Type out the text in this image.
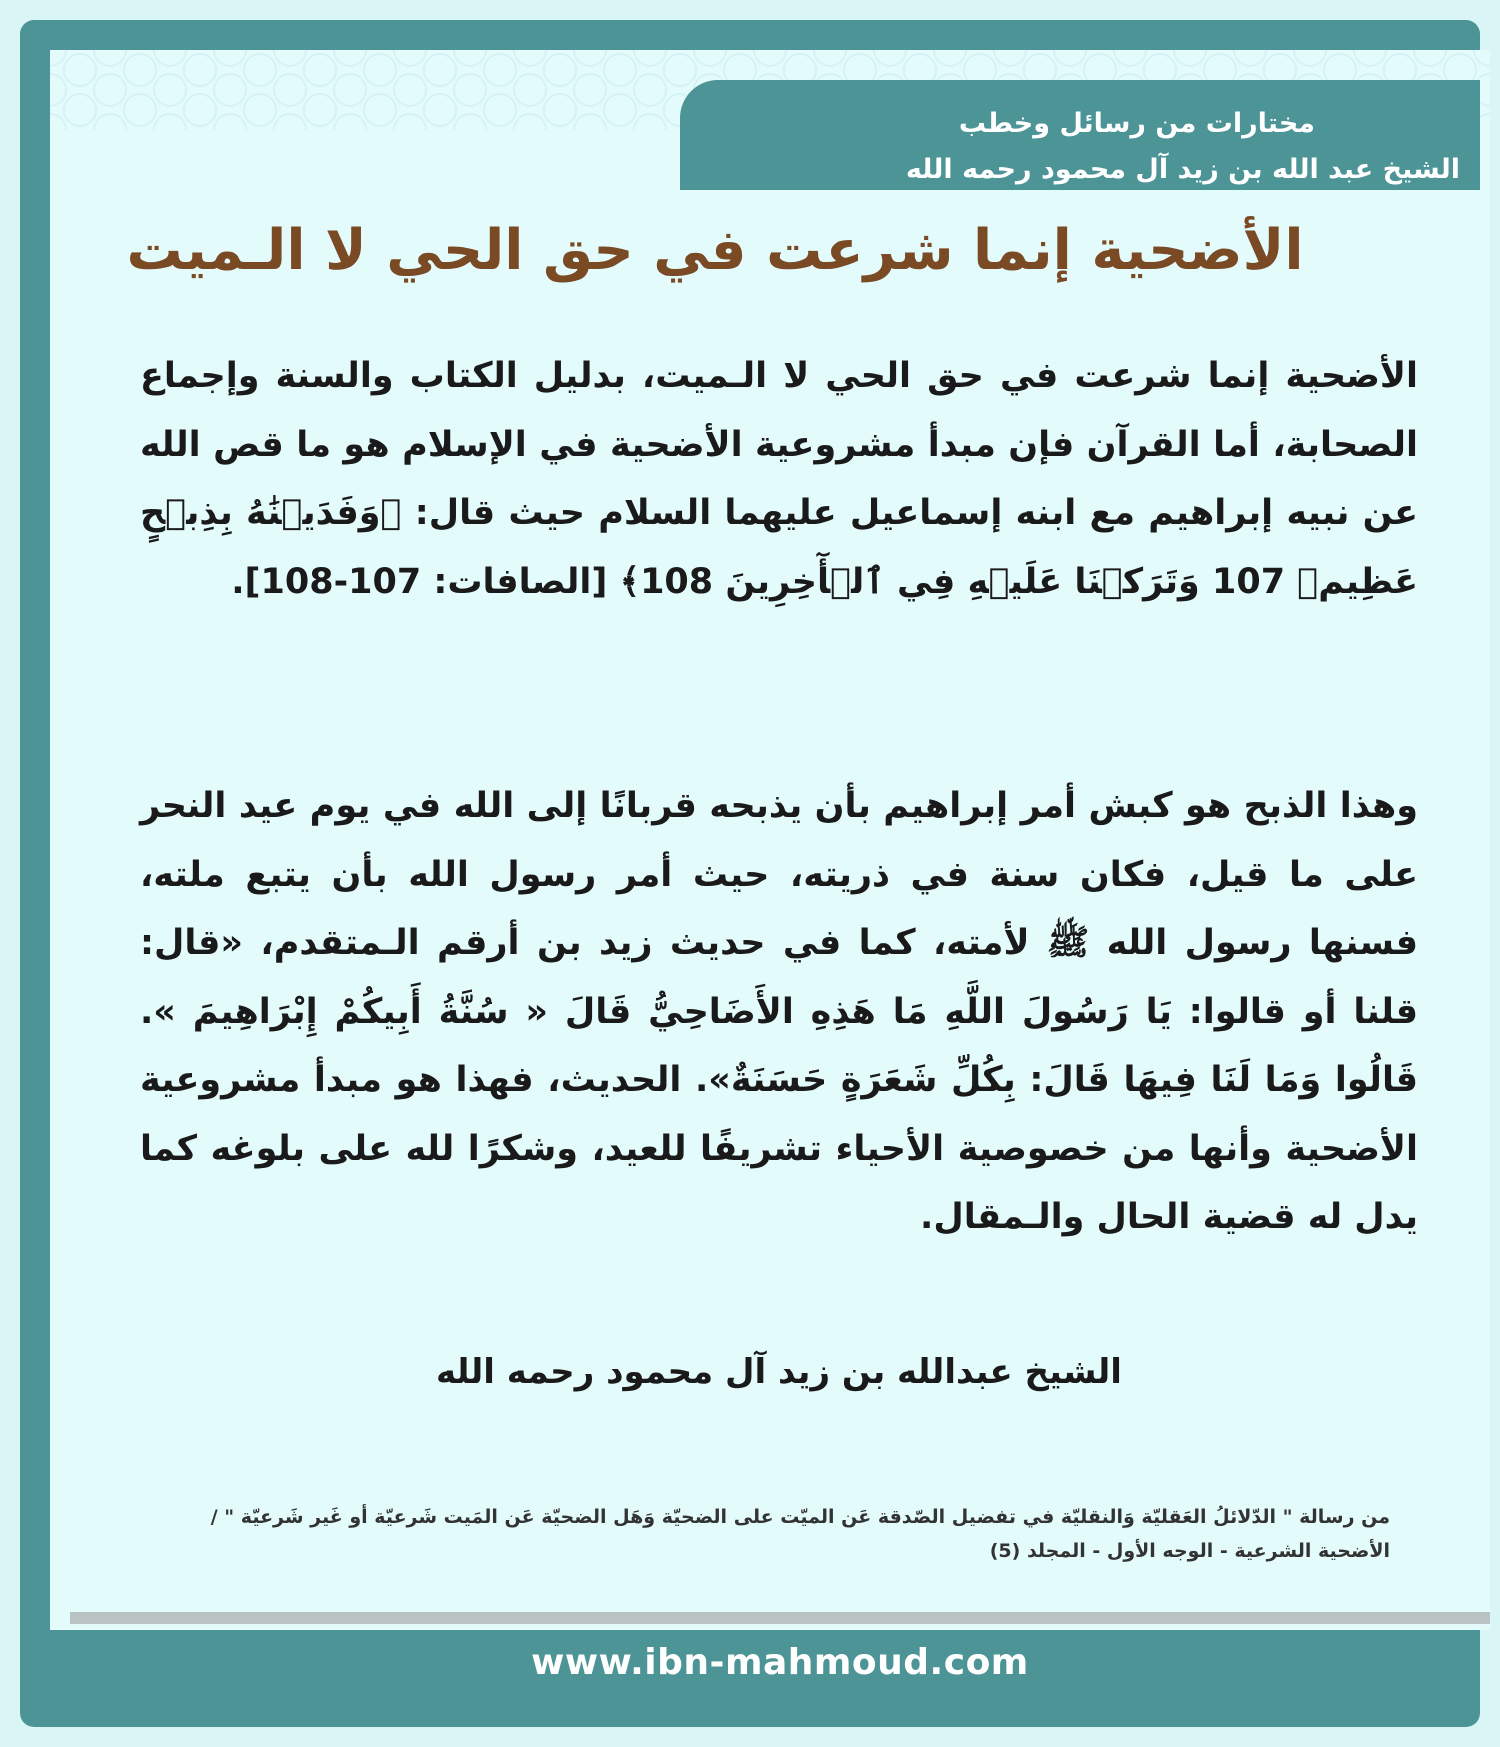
مختارات من رسائل وخطب
الشيخ عبد الله بن زيد آل محمود رحمه الله
الأضحية إنما شرعت في حق الحي لا الـميت
الأضحية إنما شرعت في حق الحي لا الـميت، بدليل الكتاب والسنة وإجماع الصحابة، أما القرآن فإن مبدأ مشروعية الأضحية في الإسلام هو ما قص الله عن نبيه إبراهيم مع ابنه إسماعيل عليهما السلام حيث قال: ﴿وَفَدَيۡنَٰهُ بِذِبۡحٍ عَظِيمٖ 107 وَتَرَكۡنَا عَلَيۡهِ فِي ٱلۡأٓخِرِينَ 108﴾ [الصافات: 107-108].
وهذا الذبح هو كبش أمر إبراهيم بأن يذبحه قربانًا إلى الله في يوم عيد النحر على ما قيل، فكان سنة في ذريته، حيث أمر رسول الله بأن يتبع ملته، فسنها رسول الله ﷺ لأمته، كما في حديث زيد بن أرقم الـمتقدم، «قال: قلنا أو قالوا: يَا رَسُولَ اللَّهِ مَا هَذِهِ الأَضَاحِيُّ قَالَ « سُنَّةُ أَبِيكُمْ إِبْرَاهِيمَ ». قَالُوا وَمَا لَنَا فِيهَا قَالَ: بِكُلِّ شَعَرَةٍ حَسَنَةٌ». الحديث، فهذا هو مبدأ مشروعية الأضحية وأنها من خصوصية الأحياء تشريفًا للعيد، وشكرًا لله على بلوغه كما يدل له قضية الحال والـمقال.
الشيخ عبدالله بن زيد آل محمود رحمه الله
من رسالة " الدّلائلُ العَقليّة وَالنقليّة في تفضيل الصّدقة عَن الميّت على الضحيّة وَهَل الضحيّة عَن المَيت شَرعيّة أو غَير شَرعيّة " / الأضحية الشرعية - الوجه الأول - المجلد (5)
www.ibn-mahmoud.com
